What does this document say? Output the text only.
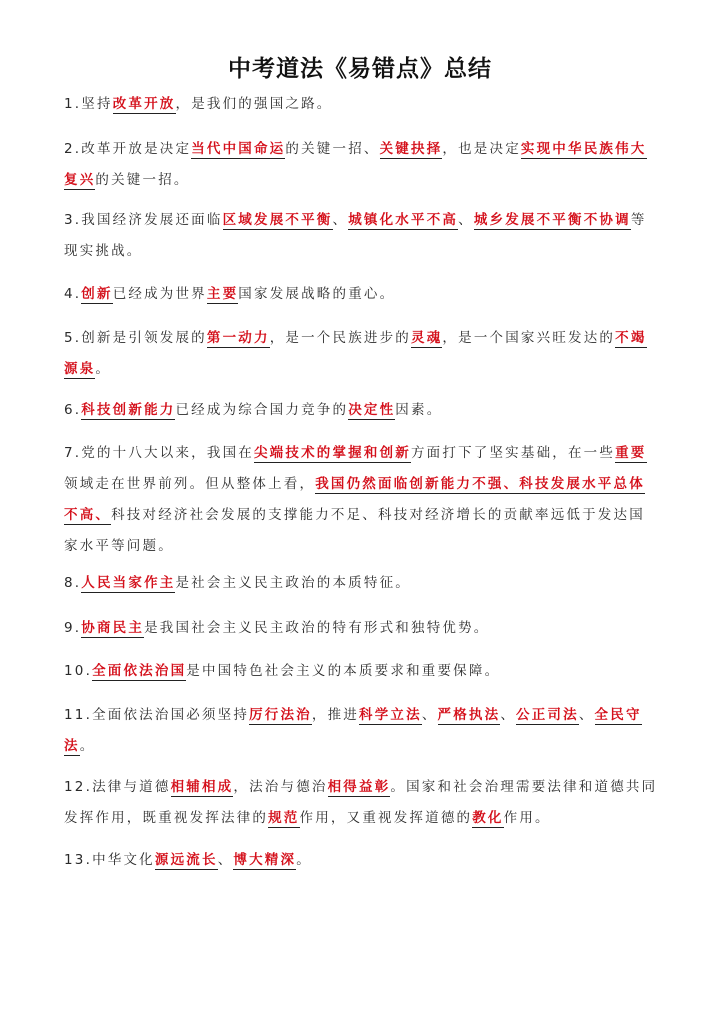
中考道法《易错点》总结
1.坚持改革开放，是我们的强国之路。
2.改革开放是决定当代中国命运的关键一招、关键抉择，也是决定实现中华民族伟大复兴的关键一招。
3.我国经济发展还面临区域发展不平衡、城镇化水平不高、城乡发展不平衡不协调等现实挑战。
4.创新已经成为世界主要国家发展战略的重心。
5.创新是引领发展的第一动力，是一个民族进步的灵魂，是一个国家兴旺发达的不竭源泉。
6.科技创新能力已经成为综合国力竞争的决定性因素。
7.党的十八大以来，我国在尖端技术的掌握和创新方面打下了坚实基础，在一些重要领域走在世界前列。但从整体上看，我国仍然面临创新能力不强、科技发展水平总体不高、科技对经济社会发展的支撑能力不足、科技对经济增长的贡献率远低于发达国家水平等问题。
8.人民当家作主是社会主义民主政治的本质特征。
9.协商民主是我国社会主义民主政治的特有形式和独特优势。
10.全面依法治国是中国特色社会主义的本质要求和重要保障。
11.全面依法治国必须坚持厉行法治，推进科学立法、严格执法、公正司法、全民守法。
12.法律与道德相辅相成，法治与德治相得益彰。国家和社会治理需要法律和道德共同发挥作用，既重视发挥法律的规范作用，又重视发挥道德的教化作用。
13.中华文化源远流长、博大精深。
